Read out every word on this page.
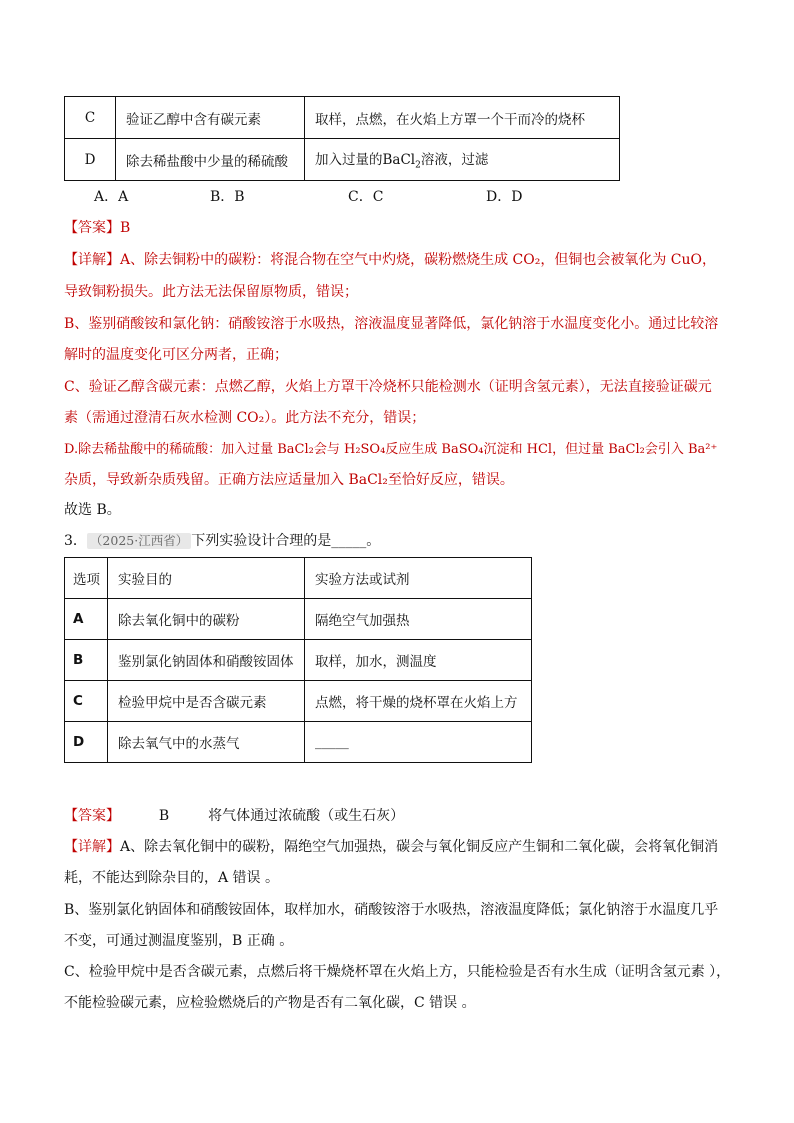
C	验证乙醇中含有碳元素	取样，点燃，在火焰上方罩一个干而冷的烧杯
D	除去稀盐酸中少量的稀硫酸	加入过量的BaCl$_2$溶液，过滤
A．A	B．B	C．C	D．D
【答案】B
【详解】A、除去铜粉中的碳粉：将混合物在空气中灼烧，碳粉燃烧生成 CO₂，但铜也会被氧化为 CuO，
导致铜粉损失。此方法无法保留原物质，错误；
B、鉴别硝酸铵和氯化钠：硝酸铵溶于水吸热，溶液温度显著降低，氯化钠溶于水温度变化小。通过比较溶
解时的温度变化可区分两者，正确；
C、验证乙醇含碳元素：点燃乙醇，火焰上方罩干冷烧杯只能检测水（证明含氢元素），无法直接验证碳元
素（需通过澄清石灰水检测 CO₂）。此方法不充分，错误；
D.除去稀盐酸中的稀硫酸：加入过量 BaCl₂会与 H₂SO₄反应生成 BaSO₄沉淀和 HCl，但过量 BaCl₂会引入 Ba²⁺
杂质，导致新杂质残留。正确方法应适量加入 BaCl₂至恰好反应，错误。
故选 B。
3． （2025·江西省） 下列实验设计合理的是_____。
选项	实验目的	实验方法或试剂
A	除去氧化铜中的碳粉	隔绝空气加强热
B	鉴别氯化钠固体和硝酸铵固体	取样，加水，测温度
C	检验甲烷中是否含碳元素	点燃，将干燥的烧杯罩在火焰上方
D	除去氧气中的水蒸气	_____
【答案】	B	将气体通过浓硫酸（或生石灰）
【详解】A、除去氧化铜中的碳粉，隔绝空气加强热，碳会与氧化铜反应产生铜和二氧化碳，会将氧化铜消
耗，不能达到除杂目的，A 错误 。
B、鉴别氯化钠固体和硝酸铵固体，取样加水，硝酸铵溶于水吸热，溶液温度降低；氯化钠溶于水温度几乎
不变，可通过测温度鉴别，B 正确 。
C、检验甲烷中是否含碳元素，点燃后将干燥烧杯罩在火焰上方，只能检验是否有水生成（证明含氢元素 ），
不能检验碳元素，应检验燃烧后的产物是否有二氧化碳，C 错误 。
